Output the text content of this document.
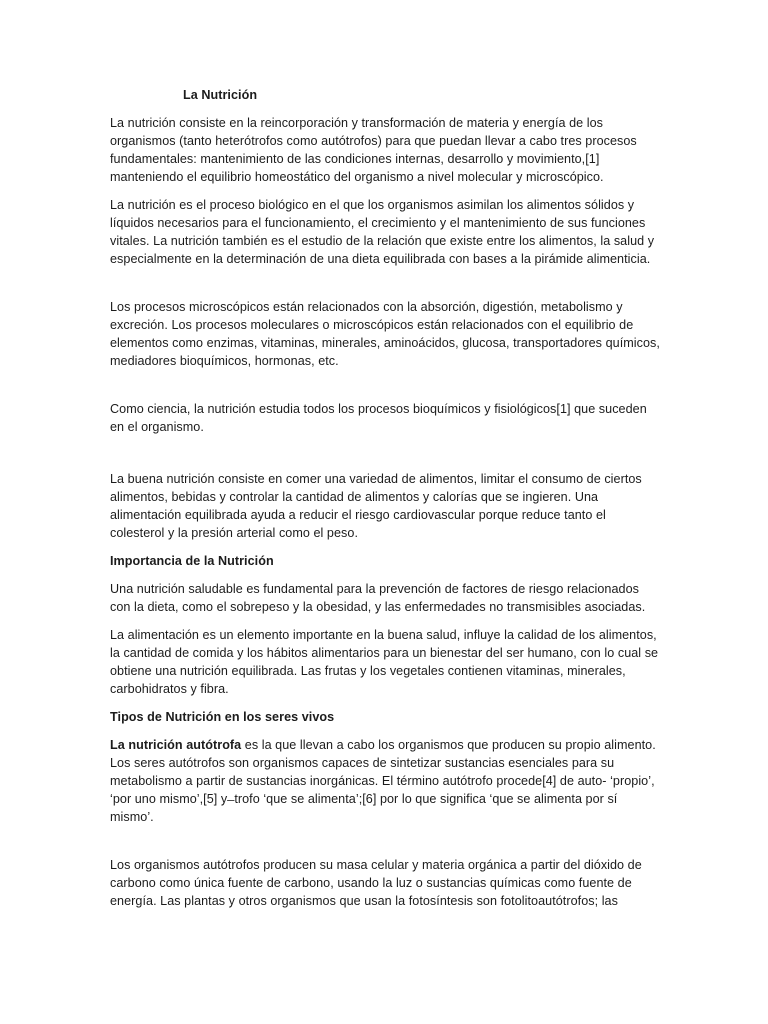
La Nutrición

La nutrición consiste en la reincorporación y transformación de materia y energía de los organismos (tanto heterótrofos como autótrofos) para que puedan llevar a cabo tres procesos fundamentales: mantenimiento de las condiciones internas, desarrollo y movimiento,[1] manteniendo el equilibrio homeostático del organismo a nivel molecular y microscópico.

La nutrición es el proceso biológico en el que los organismos asimilan los alimentos sólidos y líquidos necesarios para el funcionamiento, el crecimiento y el mantenimiento de sus funciones vitales. La nutrición también es el estudio de la relación que existe entre los alimentos, la salud y especialmente en la determinación de una dieta equilibrada con bases a la pirámide alimenticia.

Los procesos microscópicos están relacionados con la absorción, digestión, metabolismo y excreción. Los procesos moleculares o microscópicos están relacionados con el equilibrio de elementos como enzimas, vitaminas, minerales, aminoácidos, glucosa, transportadores químicos, mediadores bioquímicos, hormonas, etc.

Como ciencia, la nutrición estudia todos los procesos bioquímicos y fisiológicos[1] que suceden en el organismo.

La buena nutrición consiste en comer una variedad de alimentos, limitar el consumo de ciertos alimentos, bebidas y controlar la cantidad de alimentos y calorías que se ingieren. Una alimentación equilibrada ayuda a reducir el riesgo cardiovascular porque reduce tanto el colesterol y la presión arterial como el peso.

Importancia de la Nutrición

Una nutrición saludable es fundamental para la prevención de factores de riesgo relacionados con la dieta, como el sobrepeso y la obesidad, y las enfermedades no transmisibles asociadas.

La alimentación es un elemento importante en la buena salud, influye la calidad de los alimentos, la cantidad de comida y los hábitos alimentarios para un bienestar del ser humano, con lo cual se obtiene una nutrición equilibrada. Las frutas y los vegetales contienen vitaminas, minerales, carbohidratos y fibra.

Tipos de Nutrición en los seres vivos

La nutrición autótrofa es la que llevan a cabo los organismos que producen su propio alimento. Los seres autótrofos son organismos capaces de sintetizar sustancias esenciales para su metabolismo a partir de sustancias inorgánicas. El término autótrofo procede[4] de auto- ‘propio’, ‘por uno mismo’,[5] y ̶ trofo ‘que se alimenta’;[6] por lo que significa ‘que se alimenta por sí mismo’.

Los organismos autótrofos producen su masa celular y materia orgánica a partir del dióxido de carbono como única fuente de carbono, usando la luz o sustancias químicas como fuente de energía. Las plantas y otros organismos que usan la fotosíntesis son fotolitoautótrofos; las
